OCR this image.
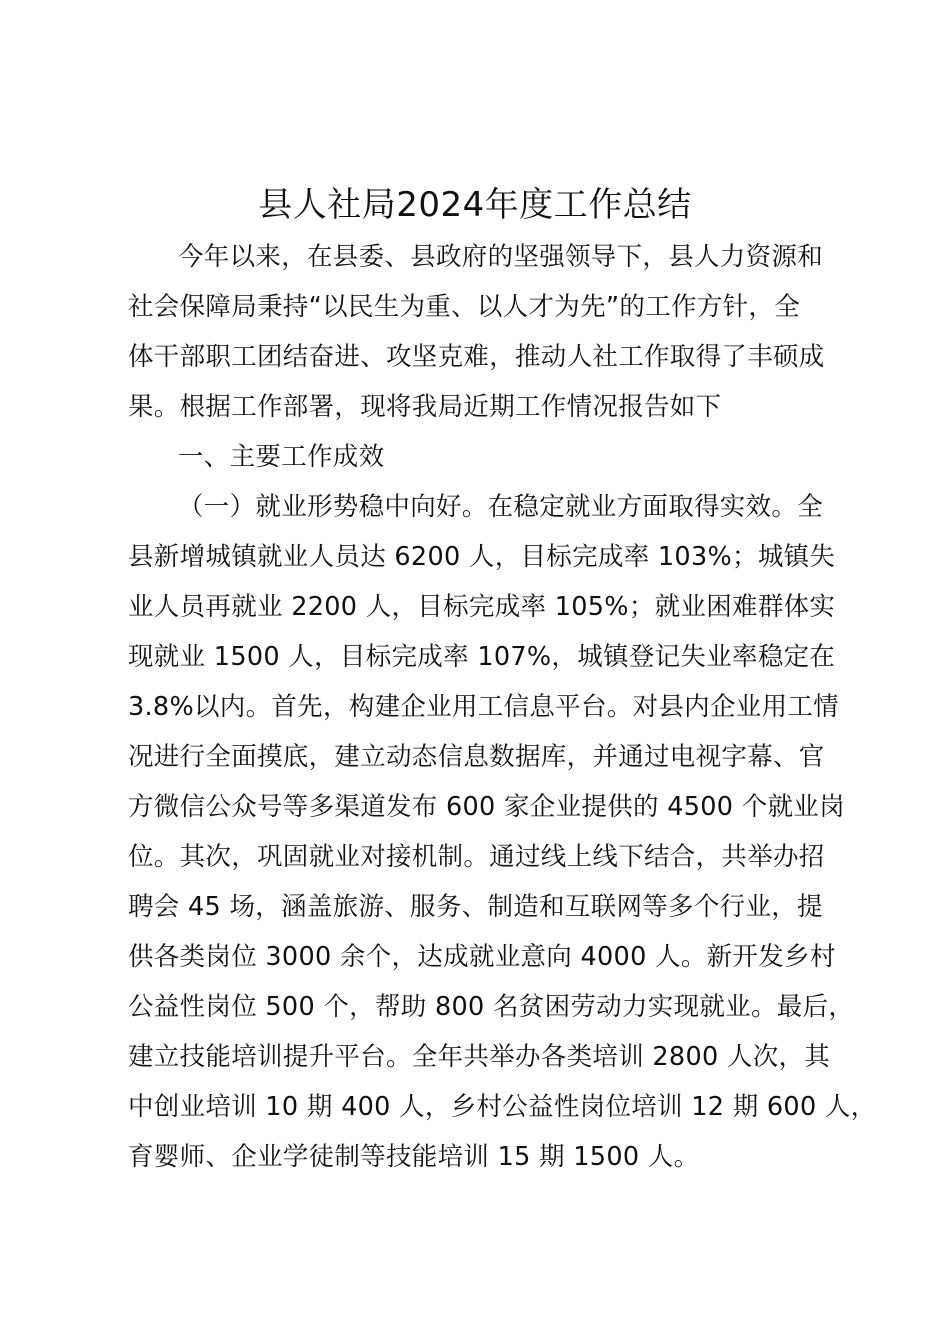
县人社局2024年度工作总结
今年以来，在县委、县政府的坚强领导下，县人力资源和
社会保障局秉持“以民生为重、以人才为先”的工作方针，全
体干部职工团结奋进、攻坚克难，推动人社工作取得了丰硕成
果。根据工作部署，现将我局近期工作情况报告如下
一、主要工作成效
（一）就业形势稳中向好。在稳定就业方面取得实效。全
县新增城镇就业人员达 6200 人，目标完成率 103%；城镇失
业人员再就业 2200 人，目标完成率 105%；就业困难群体实
现就业 1500 人，目标完成率 107%，城镇登记失业率稳定在
3.8%以内。首先，构建企业用工信息平台。对县内企业用工情
况进行全面摸底，建立动态信息数据库，并通过电视字幕、官
方微信公众号等多渠道发布 600 家企业提供的 4500 个就业岗
位。其次，巩固就业对接机制。通过线上线下结合，共举办招
聘会 45 场，涵盖旅游、服务、制造和互联网等多个行业，提
供各类岗位 3000 余个，达成就业意向 4000 人。新开发乡村
公益性岗位 500 个，帮助 800 名贫困劳动力实现就业。最后，
建立技能培训提升平台。全年共举办各类培训 2800 人次，其
中创业培训 10 期 400 人，乡村公益性岗位培训 12 期 600 人，
育婴师、企业学徒制等技能培训 15 期 1500 人。
